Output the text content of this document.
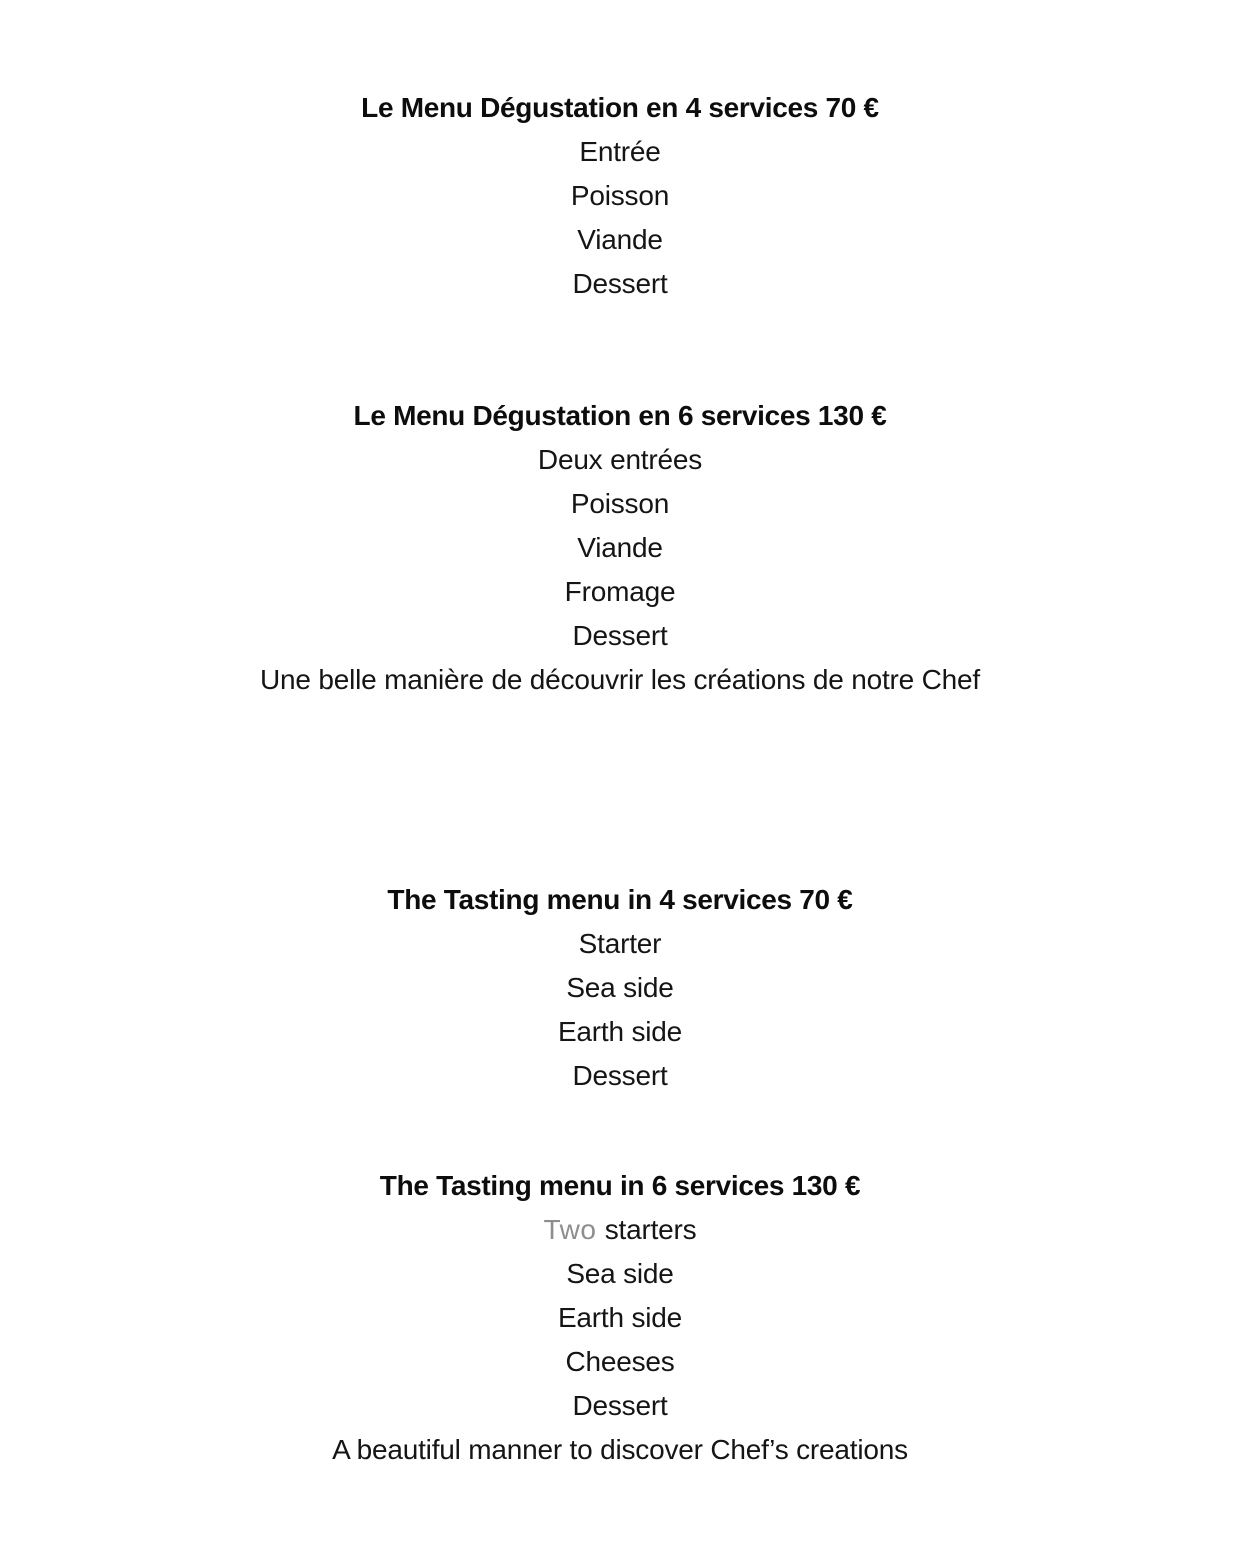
Le Menu Dégustation en 4 services 70 €
Entrée
Poisson
Viande
Dessert
Le Menu Dégustation en 6 services 130 €
Deux entrées
Poisson
Viande
Fromage
Dessert
Une belle manière de découvrir les créations de notre Chef
The Tasting menu in 4 services 70 €
Starter
Sea side
Earth side
Dessert
The Tasting menu in 6 services 130 €
Two starters
Sea side
Earth side
Cheeses
Dessert
A beautiful manner to discover Chef’s creations
